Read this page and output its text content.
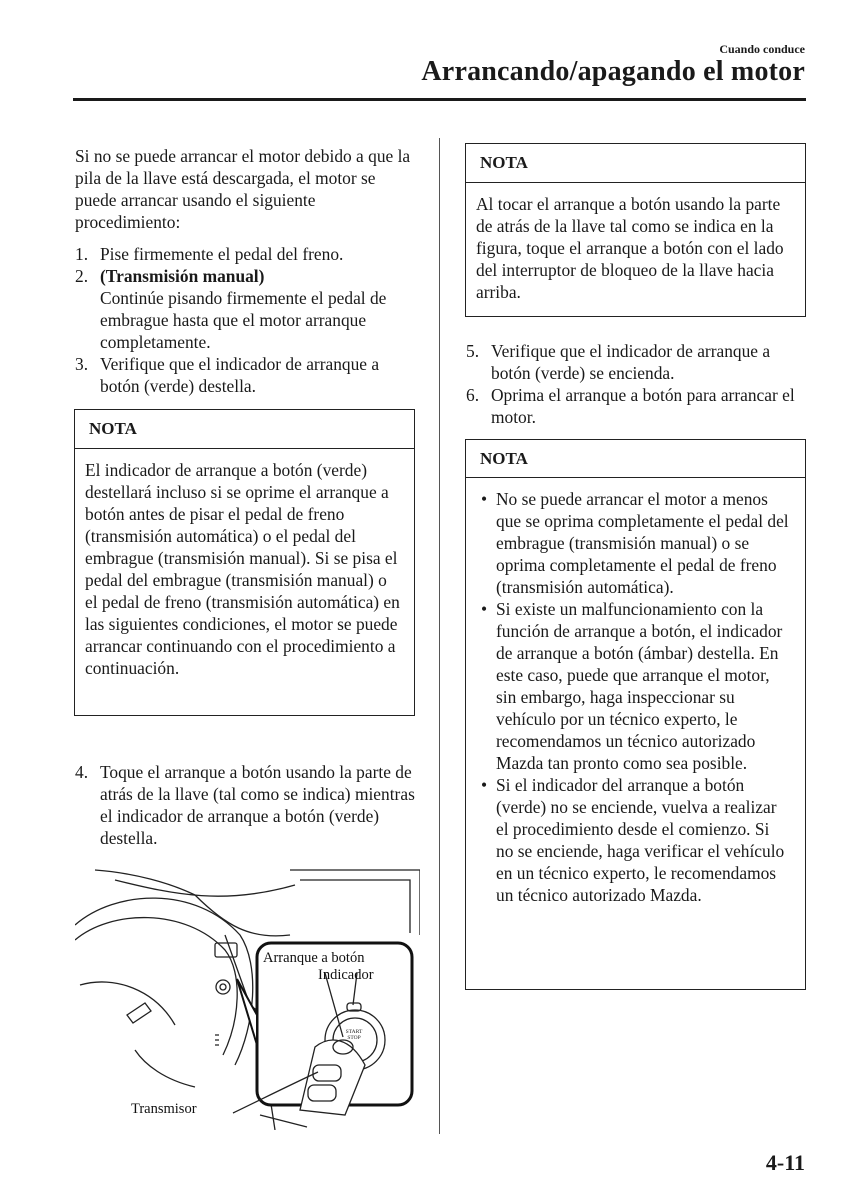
Cuando conduce
Arrancando/apagando el motor

Si no se puede arrancar el motor debido a que la pila de la llave está descargada, el motor se puede arrancar usando el siguiente procedimiento:

1. Pise firmemente el pedal del freno.
2. (Transmisión manual)
Continúe pisando firmemente el pedal de embrague hasta que el motor arranque completamente.
3. Verifique que el indicador de arranque a botón (verde) destella.
NOTA
El indicador de arranque a botón (verde) destellará incluso si se oprime el arranque a botón antes de pisar el pedal de freno (transmisión automática) o el pedal del embrague (transmisión manual). Si se pisa el pedal del embrague (transmisión manual) o el pedal de freno (transmisión automática) en las siguientes condiciones, el motor se puede arrancar continuando con el procedimiento a continuación.
4. Toque el arranque a botón usando la parte de atrás de la llave (tal como se indica) mientras el indicador de arranque a botón (verde) destella.
START
STOP
Arranque a botón
Indicador
Transmisor
NOTA
Al tocar el arranque a botón usando la parte de atrás de la llave tal como se indica en la figura, toque el arranque a botón con el lado del interruptor de bloqueo de la llave hacia arriba.
5. Verifique que el indicador de arranque a botón (verde) se encienda.
6. Oprima el arranque a botón para arrancar el motor.
NOTA
• No se puede arrancar el motor a menos que se oprima completamente el pedal del embrague (transmisión manual) o se oprima completamente el pedal de freno (transmisión automática).
• Si existe un malfuncionamiento con la función de arranque a botón, el indicador de arranque a botón (ámbar) destella. En este caso, puede que arranque el motor, sin embargo, haga inspeccionar su vehículo por un técnico experto, le recomendamos un técnico autorizado Mazda tan pronto como sea posible.
• Si el indicador del arranque a botón (verde) no se enciende, vuelva a realizar el procedimiento desde el comienzo. Si no se enciende, haga verificar el vehículo en un técnico experto, le recomendamos un técnico autorizado Mazda.
4-11
